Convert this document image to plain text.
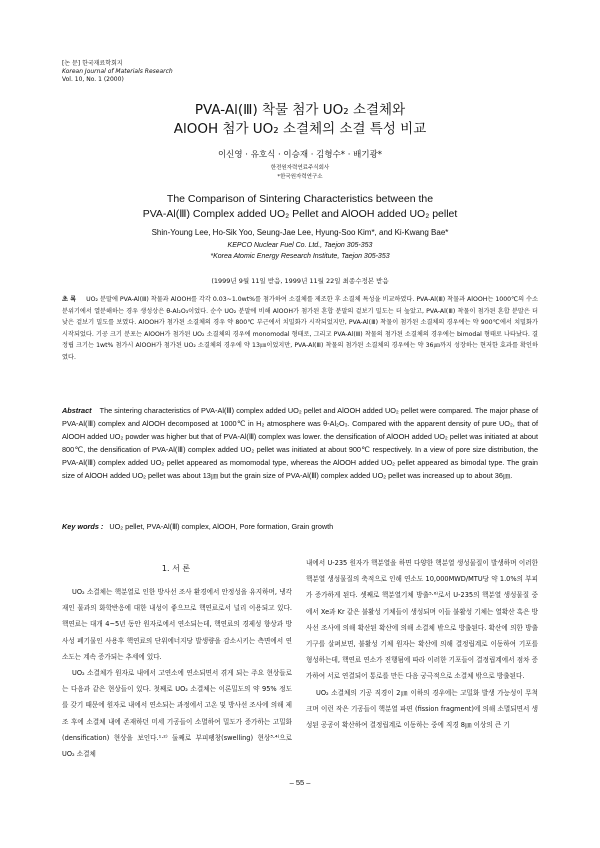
[논 문] 한국재료학회지
Korean Journal of Materials Research
Vol. 10, No. 1 (2000)
PVA-Al(Ⅲ) 착물 첨가 UO₂ 소결체와
AlOOH 첨가 UO₂ 소결체의 소결 특성 비교
이신영 · 유호식 · 이승재 · 김형수* · 배기광*
한전원자력연료주식회사
*한국원자력연구소
The Comparison of Sintering Characteristics between the
PVA-Al(Ⅲ) Complex added UO₂ Pellet and AlOOH added UO₂ pellet
Shin-Young Lee, Ho-Sik Yoo, Seung-Jae Lee, Hyung-Soo Kim*, and Ki-Kwang Bae*
KEPCO Nuclear Fuel Co. Ltd., Taejon 305-353
*Korea Atomic Energy Research Institute, Taejon 305-353
(1999년 9월 11일 받음, 1999년 11월 22일 최종수정본 받음
초 록 UO₂ 분말에 PVA-Al(Ⅲ) 착물과 AlOOH를 각각 0.03~1.0wt%를 첨가하여 소결체를 제조한 후 소결체 특성을 비교하였다. PVA-Al(Ⅲ) 착물과 AlOOH는 1000℃의 수소분위기에서 열분해하는 경우 생성상은 θ-Al₂O₃이었다. 순수 UO₂ 분말에 비해 AlOOH가 첨가된 혼합 분말의 겉보기 밀도는 더 높았고, PVA-Al(Ⅲ) 착물이 첨가된 혼합 분말은 더 낮은 겉보기 밀도를 보였다. AlOOH가 첨가된 소결체의 경우 약 800℃ 부근에서 치밀화가 시작되었지만, PVA-Al(Ⅲ) 착물이 첨가된 소결체의 경우에는 약 900℃에서 치밀화가 시작되었다. 기공 크기 분포는 AlOOH가 첨가된 UO₂ 소결체의 경우에 monomodal 형태로, 그리고 PVA-Al(Ⅲ) 착물의 첨가된 소결체의 경우에는 bimodal 형태로 나타났다. 결정립 크기는 1wt% 첨가시 AlOOH가 첨가된 UO₂ 소결체의 경우에 약 13㎛이었지만, PVA-Al(Ⅲ) 착물의 첨가된 소결체의 경우에는 약 36㎛까지 성장하는 현저한 효과를 확인하였다.
Abstract The sintering characteristics of PVA-Al(Ⅲ) complex added UO₂ pellet and AlOOH added UO₂ pellet were compared. The major phase of PVA-Al(Ⅲ) complex and AlOOH decomposed at 1000℃ in H₂ atmosphere was θ-Al₂O₃. Compared with the apparent density of pure UO₂, that of AlOOH added UO₂ powder was higher but that of PVA-Al(Ⅲ) complex was lower. the densification of AlOOH added UO₂ pellet was initiated at about 800℃, the densification of PVA-Al(Ⅲ) complex added UO₂ pellet was initiated at about 900℃ respectively. In a view of pore size distribution, the PVA-Al(Ⅲ) complex added UO₂ pellet appeared as momomodal type, whereas the AlOOH added UO₂ pellet appeared as bimodal type. The grain size of AlOOH added UO₂ pellet was about 13㎛ but the grain size of PVA-Al(Ⅲ) complex added UO₂ pellet was increased up to about 36㎛.
Key words : UO₂ pellet, PVA-Al(Ⅲ) complex, AlOOH, Pore formation, Grain growth
1. 서 론

UO₂ 소결체는 핵분열로 인한 방사선 조사 환경에서 안정성을 유지하며, 냉각재인 물과의 화학반응에 대한 내성이 좋으므로 핵연료로서 널리 이용되고 있다. 핵연료는 대개 4~5년 동안 원자로에서 연소되는데, 핵연료의 경제성 향상과 방사성 폐기물인 사용후 핵연료의 단위에너지당 발생량을 감소시키는 측면에서 연소도는 계속 증가되는 추세에 있다.

UO₂ 소결체가 원자로 내에서 고연소에 연소되면서 겪게 되는 주요 현상들로는 다음과 같은 현상들이 있다. 첫째로 UO₂ 소결체는 이론밀도의 약 95% 정도를 갖기 때문에 원자로 내에서 연소되는 과정에서 고온 및 방사선 조사에 의해 제조 후에 소결체 내에 존재하던 미세 기공들이 소멸하여 밀도가 증가하는 고밀화 (densification) 현상을 보인다.¹·²⁾ 둘째로 부피팽창(swelling) 현상³·⁴⁾으로 UO₂ 소결체

내에서 U-235 원자가 핵분열을 하면 다양한 핵분열 생성물질이 발생하며 이러한 핵분열 생성물질의 축적으로 인해 연소도 10,000MWD/MTU당 약 1.0%의 부피가 증가하게 된다. 셋째로 핵분열기체 방출⁵·⁶⁾로서 U-235의 핵분열 생성물질 중에서 Xe과 Kr 같은 불활성 기체들이 생성되며 이들 불활성 기체는 열확산 혹은 방사선 조사에 의해 확산된 확산에 의해 소결체 밖으로 방출된다. 확산에 의한 방출기구를 살펴보면, 불활성 기체 원자는 확산에 의해 결정립계로 이동하여 기포를 형성하는데, 핵연료 연소가 진행됨에 따라 이러한 기포들이 결정립계에서 점차 증가하여 서로 연결되어 통로를 만든 다음 궁극적으로 소결체 밖으로 방출된다.

UO₂ 소결체의 기공 직경이 2㎛ 이하의 경우에는 고밀화 발생 가능성이 무척 크며 이런 작은 기공들이 핵분열 파편 (fission fragment)에 의해 소멸되면서 생성된 공공이 확산하여 결정립계로 이동하는 중에 직경 8㎛ 이상의 큰 기

– 55 –
